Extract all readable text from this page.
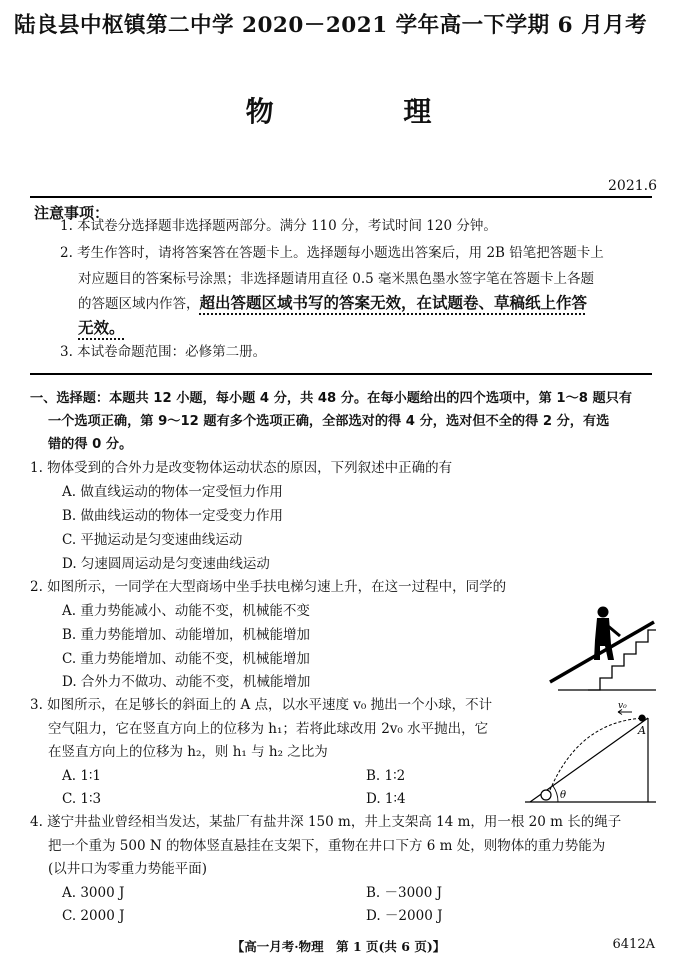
陆良县中枢镇第二中学 2020－2021 学年高一下学期 6 月月考
物 理
2021.6
注意事项：
1. 本试卷分选择题非选择题两部分。满分 110 分，考试时间 120 分钟。
2. 考生作答时，请将答案答在答题卡上。选择题每小题选出答案后，用 2B 铅笔把答题卡上
对应题目的答案标号涂黑；非选择题请用直径 0.5 毫米黑色墨水签字笔在答题卡上各题
的答题区域内作答，超出答题区域书写的答案无效，在试题卷、草稿纸上作答
无效。
3. 本试卷命题范围：必修第二册。
一、选择题：本题共 12 小题，每小题 4 分，共 48 分。在每小题给出的四个选项中，第 1～8 题只有
一个选项正确，第 9～12 题有多个选项正确，全部选对的得 4 分，选对但不全的得 2 分，有选
错的得 0 分。
1. 物体受到的合外力是改变物体运动状态的原因，下列叙述中正确的有
A. 做直线运动的物体一定受恒力作用
B. 做曲线运动的物体一定受变力作用
C. 平抛运动是匀变速曲线运动
D. 匀速圆周运动是匀变速曲线运动
2. 如图所示，一同学在大型商场中坐手扶电梯匀速上升，在这一过程中，同学的
A. 重力势能减小、动能不变，机械能不变
B. 重力势能增加、动能增加，机械能增加
C. 重力势能增加、动能不变，机械能增加
D. 合外力不做功、动能不变，机械能增加
3. 如图所示，在足够长的斜面上的 A 点，以水平速度 v₀ 抛出一个小球，不计
空气阻力，它在竖直方向上的位移为 h₁；若将此球改用 2v₀ 水平抛出，它
在竖直方向上的位移为 h₂，则 h₁ 与 h₂ 之比为
A. 1∶1	B. 1∶2
C. 1∶3	D. 1∶4
v₀
A
θ
4. 遂宁井盐业曾经相当发达，某盐厂有盐井深 150 m，井上支架高 14 m，用一根 20 m 长的绳子
把一个重为 500 N 的物体竖直悬挂在支架下，重物在井口下方 6 m 处，则物体的重力势能为
(以井口为零重力势能平面)
A. 3000 J	B. －3000 J
C. 2000 J	D. －2000 J
【高一月考·物理　第 1 页(共 6 页)】	6412A
